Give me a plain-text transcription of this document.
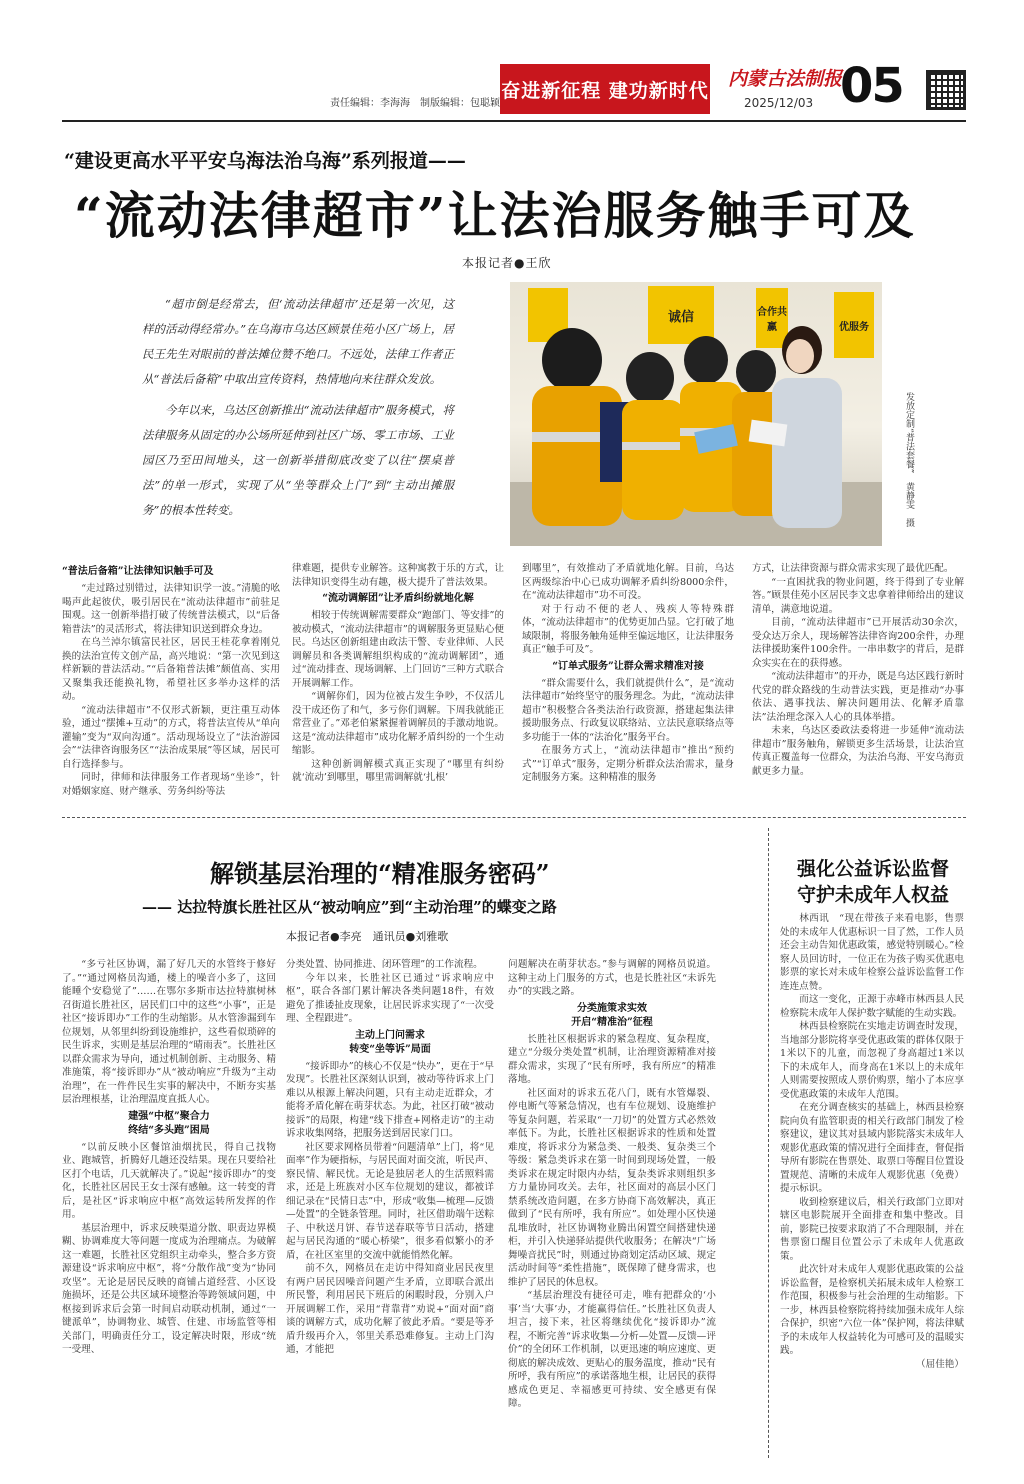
责任编辑：李海海　制版编辑：包聪颖
奋进新征程 建功新时代
内蒙古法制报
2025/12/03 05
“建设更高水平平安乌海法治乌海”系列报道——
“流动法律超市”让法治服务触手可及
本报记者●王欣

“超市倒是经常去，但‘流动法律超市’还是第一次见，这样的活动得经常办。”在乌海市乌达区顾景佳苑小区广场上，居民王先生对眼前的普法摊位赞不绝口。不远处，法律工作者正从“普法后备箱”中取出宣传资料，热情地向来往群众发放。

今年以来，乌达区创新推出“流动法律超市”服务模式，将法律服务从固定的办公场所延伸到社区广场、零工市场、工业园区乃至田间地头，这一创新举措彻底改变了以往“摆桌普法”的单一形式，实现了从“坐等群众上门”到“主动出摊服务”的根本性转变。

诚信	合作共赢	优服务
发放定制“普法套餐”　黄静雯　摄
“普法后备箱”让法律知识触手可及

“走过路过别错过，法律知识学一波。”清脆的吆喝声此起彼伏，吸引居民在“流动法律超市”前驻足围观。这一创新举措打破了传统普法模式，以“后备箱普法”的灵活形式，将法律知识送到群众身边。

在乌兰淖尔镇富民社区，居民王桂花拿着刚兑换的法治宣传文创产品，高兴地说：“第一次见到这样新颖的普法活动。”“后备箱普法摊”颇值高、实用又聚集我还能换礼物，希望社区多举办这样的活动。

“流动法律超市”不仅形式新颖，更注重互动体验，通过“摆摊+互动”的方式，将普法宣传从“单向灌输”变为“双向沟通”。活动现场设立了“法治游园会”“法律咨询服务区”“法治成果展”等区域，居民可自行选择参与。

同时，律师和法律服务工作者现场“坐诊”，针对婚姻家庭、财产继承、劳务纠纷等法

律难题，提供专业解答。这种寓教于乐的方式，让法律知识变得生动有趣，极大提升了普法效果。

“流动调解团”让矛盾纠纷就地化解

相较于传统调解需要群众“跑部门、等安排”的被动模式，“流动法律超市”的调解服务更显贴心便民。乌达区创新组建由政法干警、专业律师、人民调解员和各类调解组织构成的“流动调解团”，通过“流动排查、现场调解、上门回访”三种方式联合开展调解工作。

“调解你们，因为位被占发生争吵，不仅活儿没干成还伤了和气，多亏你们调解。下周我就能正常营业了。”邓老伯紧紧握着调解员的手激动地说。这是“流动法律超市”成功化解矛盾纠纷的一个生动缩影。

这种创新调解模式真正实现了“哪里有纠纷就‘流动’到哪里，哪里需调解就‘扎根’

到哪里”，有效推动了矛盾就地化解。目前，乌达区两级综治中心已成功调解矛盾纠纷8000余件，在“流动法律超市”功不可没。

对于行动不便的老人、残疾人等特殊群体，“流动法律超市”的优势更加凸显。它打破了地域限制，将服务触角延伸至偏远地区，让法律服务真正“触手可及”。

“订单式服务”让群众需求精准对接

“群众需要什么，我们就提供什么”，是“流动法律超市”始终坚守的服务理念。为此，“流动法律超市”积极整合各类法治行政资源，搭建起集法律援助服务点、行政复议联络站、立法民意联络点等多功能于一体的“法治化”服务平台。

在服务方式上，“流动法律超市”推出“预约式”“订单式”服务，定期分析群众法治需求，量身定制服务方案。这种精准的服务

方式，让法律资源与群众需求实现了最优匹配。

“一直困扰我的物业问题，终于得到了专业解答。”顾景佳苑小区居民李文忠拿着律师给出的建议清单，满意地说道。

目前，“流动法律超市”已开展活动30余次，受众达万余人，现场解答法律咨询200余件，办理法律援助案件100余件。一串串数字的背后，是群众实实在在的获得感。

“流动法律超市”的开办，既是乌达区践行新时代党的群众路线的生动普法实践，更是推动“办事依法、遇事找法、解决问题用法、化解矛盾靠法”法治理念深入人心的具体举措。

未来，乌达区委政法委将进一步延伸“流动法律超市”服务触角，解锁更多生活场景，让法治宣传真正覆盖每一位群众，为法治乌海、平安乌海贡献更多力量。

解锁基层治理的“精准服务密码”
—— 达拉特旗长胜社区从“被动响应”到“主动治理”的蝶变之路
本报记者●李亮　通讯员●刘雅歌

“多亏社区协调，漏了好几天的水管终于修好了。”“通过网格员沟通，楼上的噪音小多了，这回能睡个安稳觉了”……在鄂尔多斯市达拉特旗树林召街道长胜社区，居民们口中的这些“小事”，正是社区“接诉即办”工作的生动缩影。从水管渗漏到车位规划，从邻里纠纷到设施维护，这些看似琐碎的民生诉求，实则是基层治理的“晴雨表”。长胜社区以群众需求为导向，通过机制创新、主动服务、精准施策，将“接诉即办”从“被动响应”升级为“主动治理”，在一件件民生实事的解决中，不断夯实基层治理根基，让治理温度直抵人心。

建强“中枢”聚合力
终结“多头跑”困局

“以前反映小区餐馆油烟扰民，得自己找物业、跑城管，折腾好几趟还没结果。现在只要给社区打个电话，几天就解决了。”说起“接诉即办”的变化，长胜社区居民王女士深有感触。这一转变的背后，是社区“诉求响应中枢”高效运转所发挥的作用。

基层治理中，诉求反映渠道分散、职责边界模糊、协调难度大等问题一度成为治理痛点。为破解这一难题，长胜社区党组织主动牵头，整合多方资源建设“诉求响应中枢”，将“分散作战”变为“协同攻坚”。无论是居民反映的商铺占道经营、小区设施损坏，还是公共区域环境整治等跨领域问题，中枢接到诉求后会第一时间启动联动机制，通过“一键派单”，协调物业、城管、住建、市场监管等相关部门，明确责任分工，设定解决时限，形成“统一受理、

分类处置、协同推进、闭环管理”的工作流程。

今年以来，长胜社区已通过“诉求响应中枢”，联合各部门累计解决各类问题18件，有效避免了推诿扯皮现象，让居民诉求实现了“一次受理、全程跟进”。

主动上门问需求
转变“坐等诉”局面

“接诉即办”的核心不仅是“快办”，更在于“早发现”。长胜社区深刻认识到，被动等待诉求上门难以从根源上解决问题，只有主动走近群众，才能将矛盾化解在萌芽状态。为此，社区打破“被动接诉”的局限，构建“线下排查+网格走访”的主动诉求收集网络，把服务送到居民家门口。

社区要求网格员带着“问题清单”上门，将“见面率”作为硬指标，与居民面对面交流，听民声、察民情、解民忧。无论是独居老人的生活照料需求，还是上班族对小区车位规划的建议，都被详细记录在“民情日志”中，形成“收集—梳理—反馈—处置”的全链条管理。同时，社区借助端午送粽子、中秋送月饼、春节送春联等节日活动，搭建起与居民沟通的“暖心桥梁”，很多看似繁小的矛盾，在社区室里的交流中就能悄然化解。

前不久，网格员在走访中得知商业居民夜里有两户居民因噪音问题产生矛盾，立即联合派出所民警，利用居民下班后的闲暇时段，分别入户开展调解工作，采用“背靠背”劝说+“面对面”商谈的调解方式，成功化解了彼此矛盾。“要是等矛盾升级再介入，邻里关系恐难修复。主动上门沟通，才能把

问题解决在萌芽状态。”参与调解的网格员说道。这种主动上门服务的方式，也是长胜社区“未诉先办”的实践之路。

分类施策求实效
开启“精准治”征程

长胜社区根据诉求的紧急程度、复杂程度，建立“分级分类处置”机制，让治理资源精准对接群众需求，实现了“民有所呼，我有所应”的精准落地。

社区面对的诉求五花八门，既有水管爆裂、停电断气等紧急情况，也有车位规划、设施维护等复杂问题，若采取“一刀切”的处置方式必然效率低下。为此，长胜社区根据诉求的性质和处置难度，将诉求分为紧急类、一般类、复杂类三个等级：紧急类诉求在第一时间到现场处置，一般类诉求在规定时限内办结，复杂类诉求则组织多方力量协同攻关。去年，社区面对的高层小区门禁系统改造问题，在多方协商下高效解决，真正做到了“民有所呼，我有所应”。如处理小区快递乱堆放时，社区协调物业腾出闲置空间搭建快递柜，并引入快递驿站提供代收服务；在解决“广场舞噪音扰民”时，则通过协商划定活动区域、规定活动时间等“柔性措施”，既保障了健身需求，也维护了居民的休息权。

“基层治理没有捷径可走，唯有把群众的‘小事’当‘大事’办，才能赢得信任。”长胜社区负责人坦言，接下来，社区将继续优化“接诉即办”流程，不断完善“诉求收集—分析—处置—反馈—评价”的全闭环工作机制，以更迅速的响应速度、更彻底的解决成效、更贴心的服务温度，推动“民有所呼，我有所应”的承诺落地生根，让居民的获得感成色更足、幸福感更可持续、安全感更有保障。

强化公益诉讼监督
守护未成年人权益

林西讯　“现在带孩子来看电影，售票处的未成年人优惠标识一目了然，工作人员还会主动告知优惠政策，感觉特别暖心。”检察人员回访时，一位正在为孩子购买优惠电影票的家长对未成年检察公益诉讼监督工作连连点赞。

而这一变化，正源于赤峰市林西县人民检察院未成年人保护数字赋能的生动实践。

林西县检察院在实地走访调查时发现，当地部分影院将享受优惠政策的群体仅限于1米以下的儿童，而忽视了身高超过1米以下的未成年人，而身高在1米以上的未成年人则需要按照成人票价购票，缩小了本应享受优惠政策的未成年人范围。

在充分调查核实的基础上，林西县检察院向负有监管职责的相关行政部门制发了检察建议，建议其对县域内影院落实未成年人观影优惠政策的情况进行全面排查，督促指导所有影院在售票处、取票口等醒目位置设置规范、清晰的未成年人观影优惠（免费）提示标识。

收到检察建议后，相关行政部门立即对辖区电影院展开全面排查和集中整改。目前，影院已按要求取消了不合理限制，并在售票窗口醒目位置公示了未成年人优惠政策。

此次针对未成年人观影优惠政策的公益诉讼监督，是检察机关拓展未成年人检察工作范围，积极参与社会治理的生动缩影。下一步，林西县检察院将持续加强未成年人综合保护，织密“六位一体”保护网，将法律赋予的未成年人权益转化为可感可及的温暖实践。

（屈佳艳）
